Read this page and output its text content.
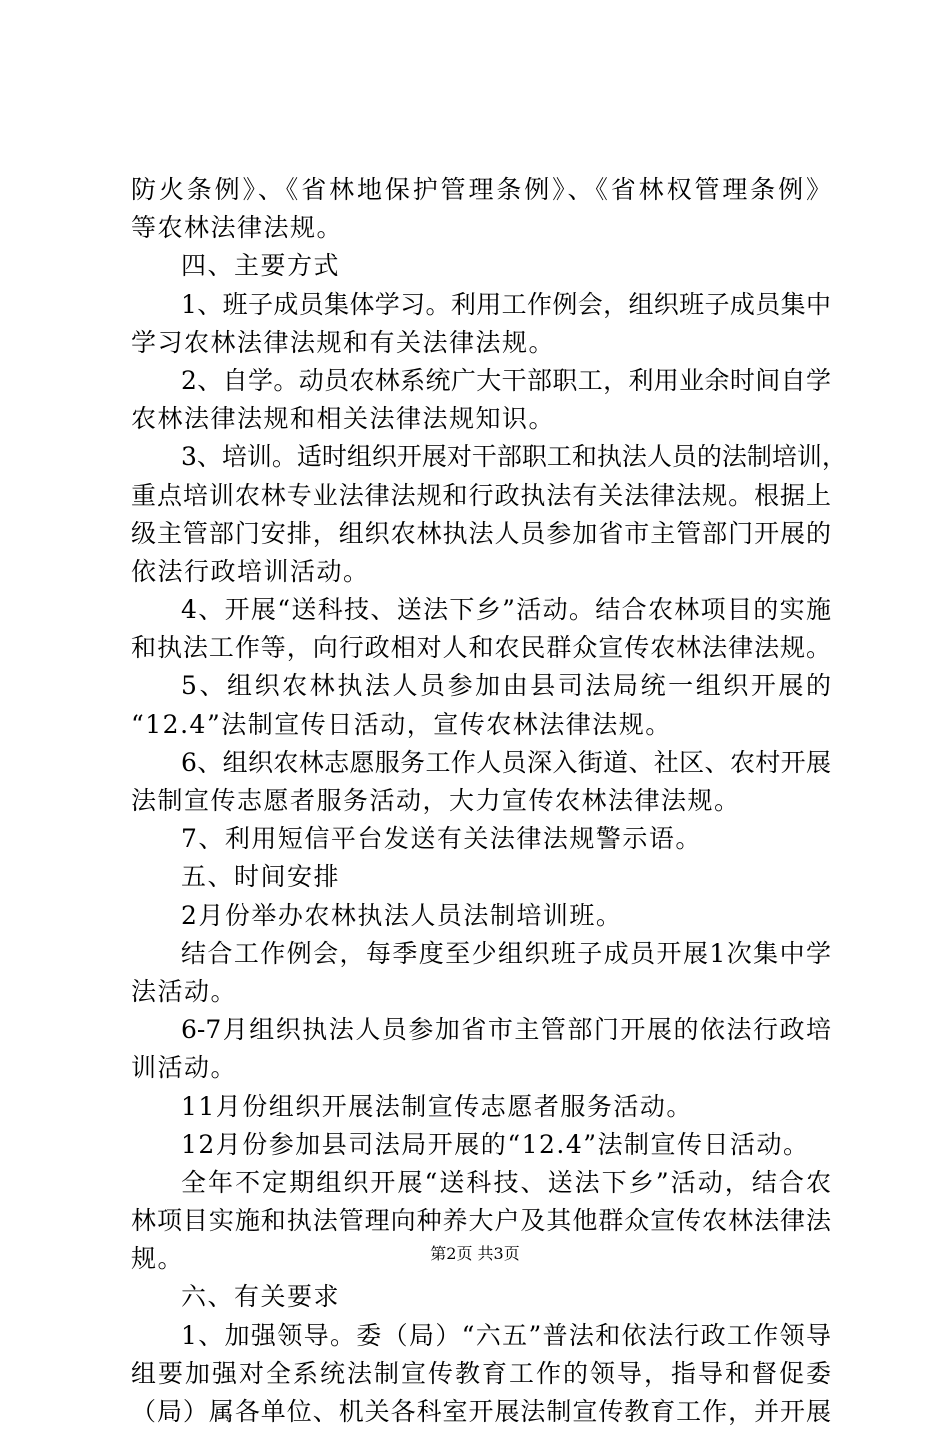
防火条例》、《省林地保护管理条例》、《省林权管理条例》
等农林法律法规。
四、主要方式
1、班子成员集体学习。利用工作例会，组织班子成员集中
学习农林法律法规和有关法律法规。
2、自学。动员农林系统广大干部职工，利用业余时间自学
农林法律法规和相关法律法规知识。
3、培训。适时组织开展对干部职工和执法人员的法制培训，
重点培训农林专业法律法规和行政执法有关法律法规。根据上
级主管部门安排，组织农林执法人员参加省市主管部门开展的
依法行政培训活动。
4、开展“送科技、送法下乡”活动。结合农林项目的实施
和执法工作等，向行政相对人和农民群众宣传农林法律法规。
5、组织农林执法人员参加由县司法局统一组织开展的
“12.4”法制宣传日活动，宣传农林法律法规。
6、组织农林志愿服务工作人员深入街道、社区、农村开展
法制宣传志愿者服务活动，大力宣传农林法律法规。
7、利用短信平台发送有关法律法规警示语。
五、时间安排
2月份举办农林执法人员法制培训班。
结合工作例会，每季度至少组织班子成员开展1次集中学
法活动。
6-7月组织执法人员参加省市主管部门开展的依法行政培
训活动。
11月份组织开展法制宣传志愿者服务活动。
12月份参加县司法局开展的“12.4”法制宣传日活动。
全年不定期组织开展“送科技、送法下乡”活动，结合农
林项目实施和执法管理向种养大户及其他群众宣传农林法律法
规。
六、有关要求
1、加强领导。委（局）“六五”普法和依法行政工作领导
组要加强对全系统法制宣传教育工作的领导，指导和督促委
（局）属各单位、机关各科室开展法制宣传教育工作，并开展
第2页 共3页
